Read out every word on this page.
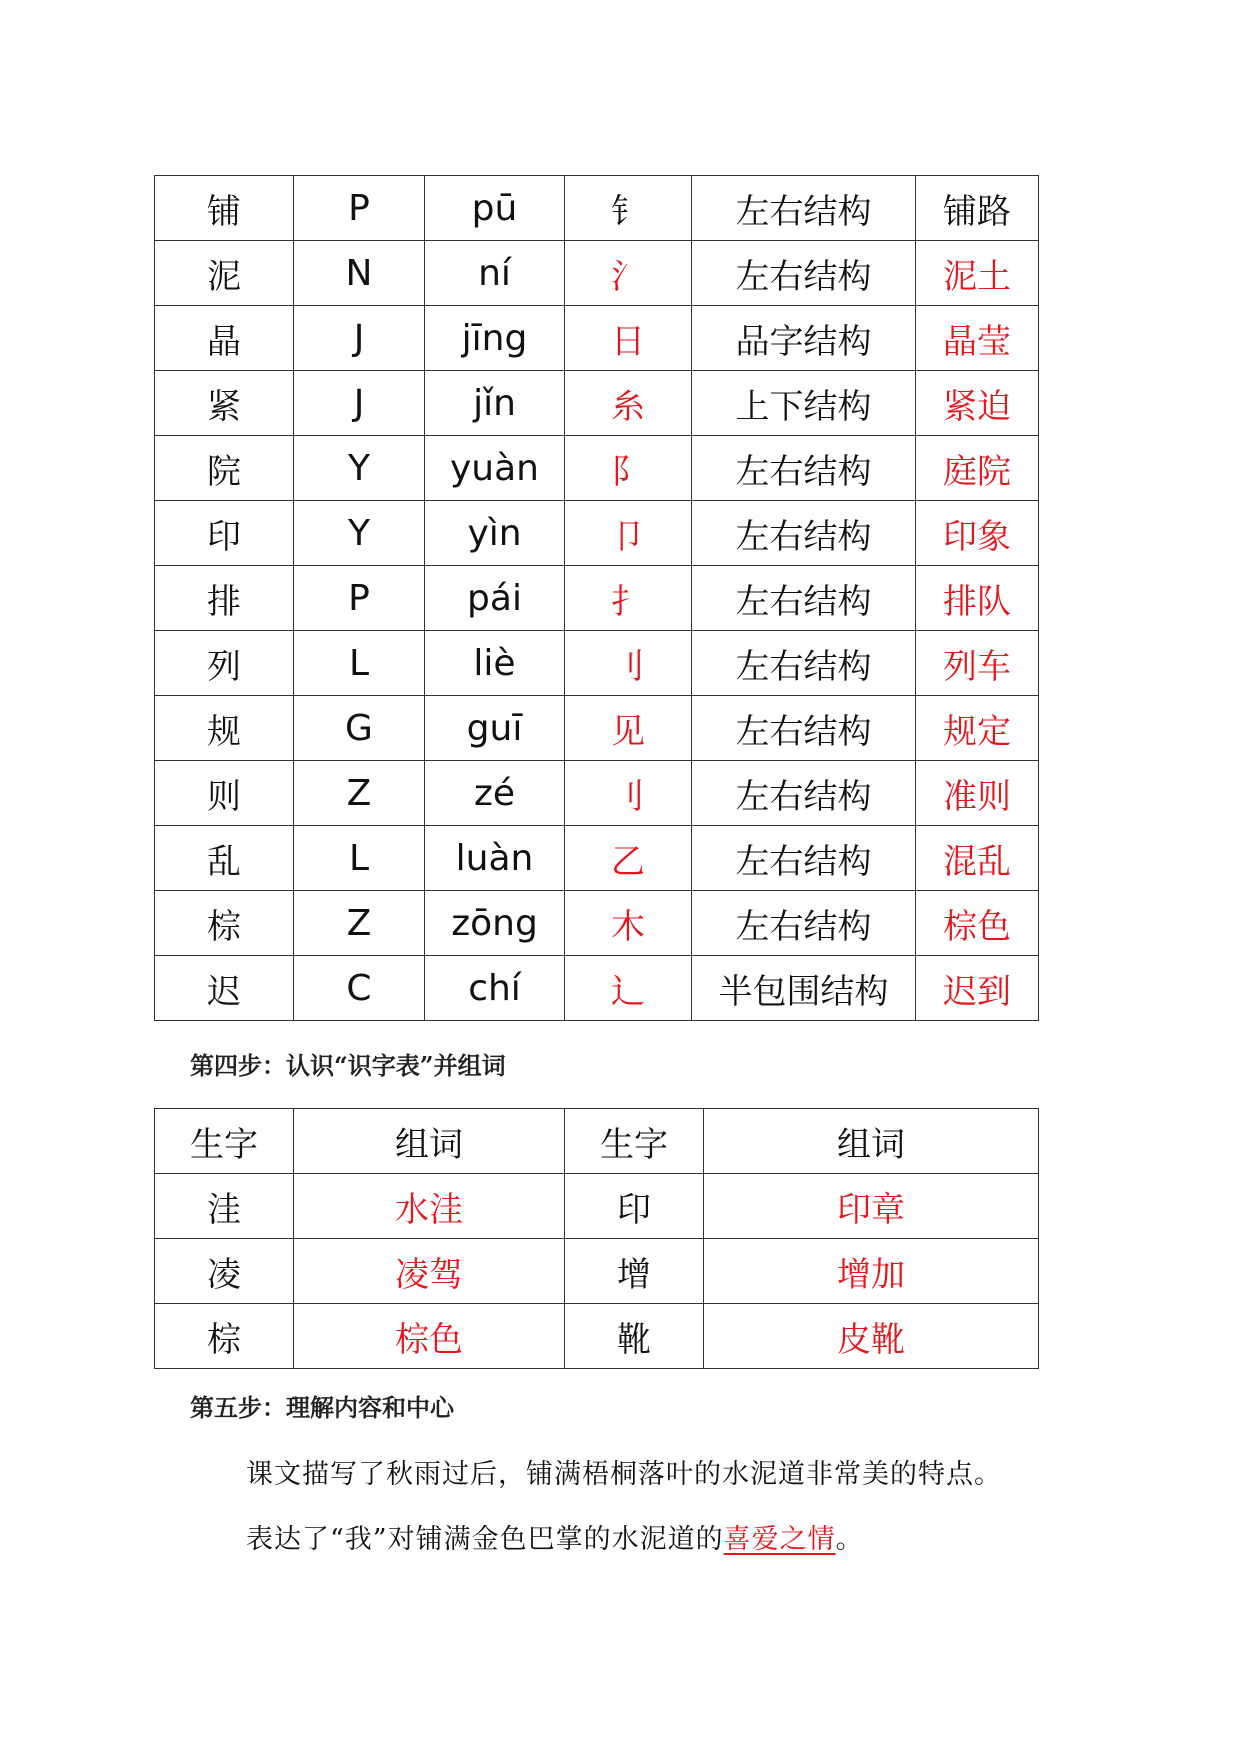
铺	P	pū	钅	左右结构	铺路
泥	N	ní	氵	左右结构	泥土
晶	J	jīng	日	品字结构	晶莹
紧	J	jǐn	糸	上下结构	紧迫
院	Y	yuàn	阝	左右结构	庭院
印	Y	yìn	卩	左右结构	印象
排	P	pái	扌	左右结构	排队
列	L	liè	刂	左右结构	列车
规	G	guī	见	左右结构	规定
则	Z	zé	刂	左右结构	准则
乱	L	luàn	乙	左右结构	混乱
棕	Z	zōng	木	左右结构	棕色
迟	C	chí	辶	半包围结构	迟到
第四步：认识“识字表”并组词
生字	组词	生字	组词
洼	水洼	印	印章
凌	凌驾	增	增加
棕	棕色	靴	皮靴
第五步：理解内容和中心
课文描写了秋雨过后，铺满梧桐落叶的水泥道非常美的特点。
表达了“我”对铺满金色巴掌的水泥道的喜爱之情。
